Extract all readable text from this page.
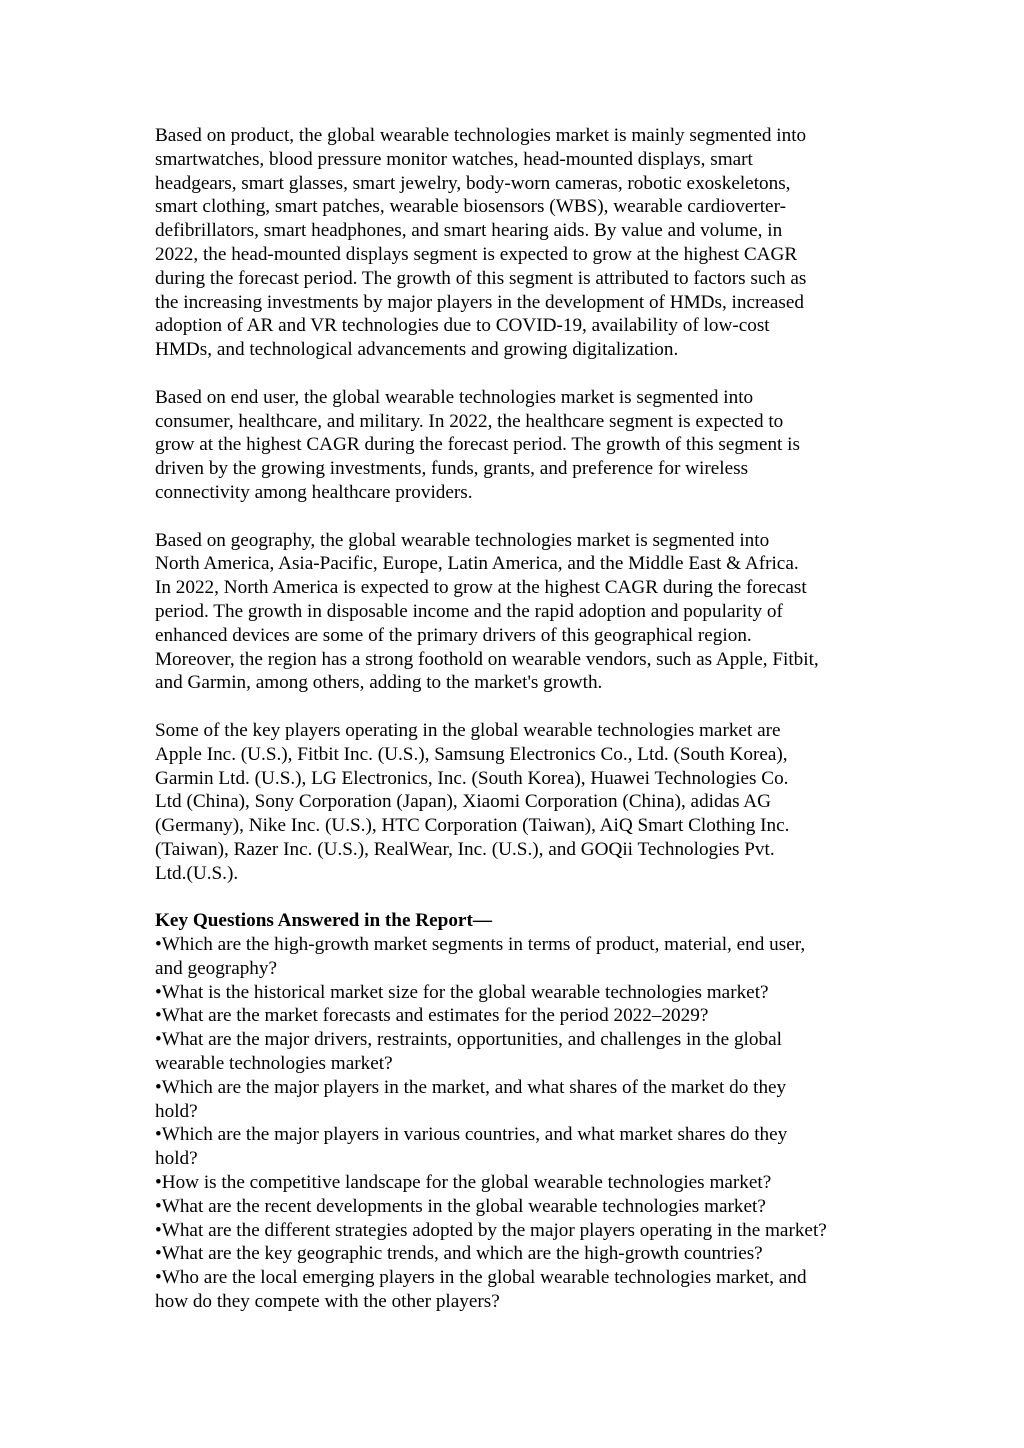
Based on product, the global wearable technologies market is mainly segmented into
smartwatches, blood pressure monitor watches, head-mounted displays, smart
headgears, smart glasses, smart jewelry, body-worn cameras, robotic exoskeletons,
smart clothing, smart patches, wearable biosensors (WBS), wearable cardioverter-
defibrillators, smart headphones, and smart hearing aids. By value and volume, in
2022, the head-mounted displays segment is expected to grow at the highest CAGR
during the forecast period. The growth of this segment is attributed to factors such as
the increasing investments by major players in the development of HMDs, increased
adoption of AR and VR technologies due to COVID-19, availability of low-cost
HMDs, and technological advancements and growing digitalization.

Based on end user, the global wearable technologies market is segmented into
consumer, healthcare, and military. In 2022, the healthcare segment is expected to
grow at the highest CAGR during the forecast period. The growth of this segment is
driven by the growing investments, funds, grants, and preference for wireless
connectivity among healthcare providers.

Based on geography, the global wearable technologies market is segmented into
North America, Asia-Pacific, Europe, Latin America, and the Middle East & Africa.
In 2022, North America is expected to grow at the highest CAGR during the forecast
period. The growth in disposable income and the rapid adoption and popularity of
enhanced devices are some of the primary drivers of this geographical region.
Moreover, the region has a strong foothold on wearable vendors, such as Apple, Fitbit,
and Garmin, among others, adding to the market's growth.

Some of the key players operating in the global wearable technologies market are
Apple Inc. (U.S.), Fitbit Inc. (U.S.), Samsung Electronics Co., Ltd. (South Korea),
Garmin Ltd. (U.S.), LG Electronics, Inc. (South Korea), Huawei Technologies Co.
Ltd (China), Sony Corporation (Japan), Xiaomi Corporation (China), adidas AG
(Germany), Nike Inc. (U.S.), HTC Corporation (Taiwan), AiQ Smart Clothing Inc.
(Taiwan), Razer Inc. (U.S.), RealWear, Inc. (U.S.), and GOQii Technologies Pvt.
Ltd.(U.S.).

Key Questions Answered in the Report—
•Which are the high-growth market segments in terms of product, material, end user,
and geography?
•What is the historical market size for the global wearable technologies market?
•What are the market forecasts and estimates for the period 2022–2029?
•What are the major drivers, restraints, opportunities, and challenges in the global
wearable technologies market?
•Which are the major players in the market, and what shares of the market do they
hold?
•Which are the major players in various countries, and what market shares do they
hold?
•How is the competitive landscape for the global wearable technologies market?
•What are the recent developments in the global wearable technologies market?
•What are the different strategies adopted by the major players operating in the market?
•What are the key geographic trends, and which are the high-growth countries?
•Who are the local emerging players in the global wearable technologies market, and
how do they compete with the other players?
